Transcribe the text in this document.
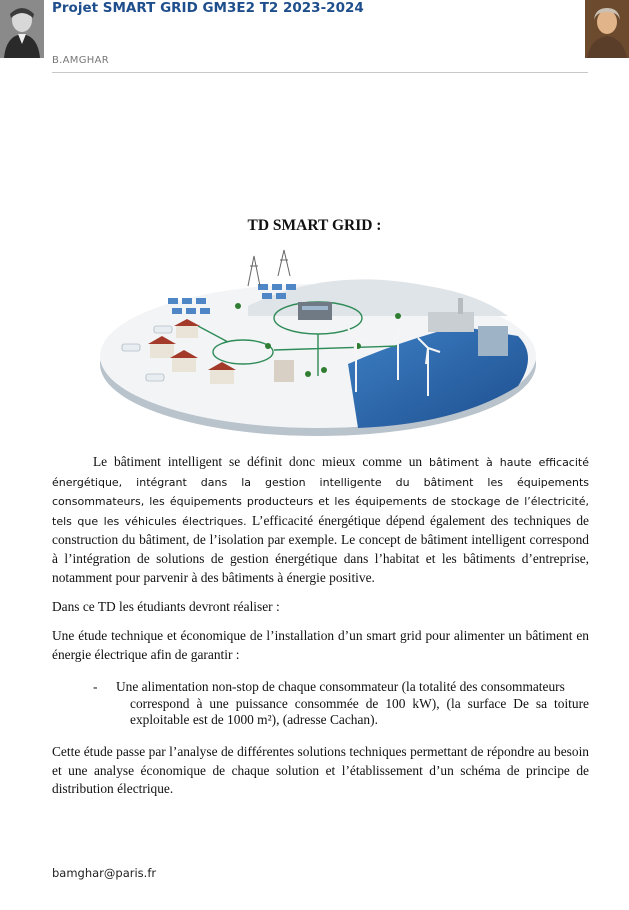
Projet SMART GRID GM3E2 T2 2023-2024
B.AMGHAR
TD SMART GRID :

Le bâtiment intelligent se définit donc mieux comme un bâtiment à haute efficacité énergétique, intégrant dans la gestion intelligente du bâtiment les équipements consommateurs, les équipements producteurs et les équipements de stockage de l’électricité, tels que les véhicules électriques. L’efficacité énergétique dépend également des techniques de construction du bâtiment, de l’isolation par exemple. Le concept de bâtiment intelligent correspond à l’intégration de solutions de gestion énergétique dans l’habitat et les bâtiments d’entreprise, notamment pour parvenir à des bâtiments à énergie positive.

Dans ce TD les étudiants devront réaliser :

Une étude technique et économique de l’installation d’un smart grid pour alimenter un bâtiment en énergie électrique afin de garantir :

- Une alimentation non-stop de chaque consommateur (la totalité des consommateurs
correspond à une puissance consommée de 100 kW), (la surface De sa toiture exploitable est de 1000 m²), (adresse Cachan).

Cette étude passe par l’analyse de différentes solutions techniques permettant de répondre au besoin et une analyse économique de chaque solution et l’établissement d’un schéma de principe de distribution électrique.

bamghar@paris.fr
